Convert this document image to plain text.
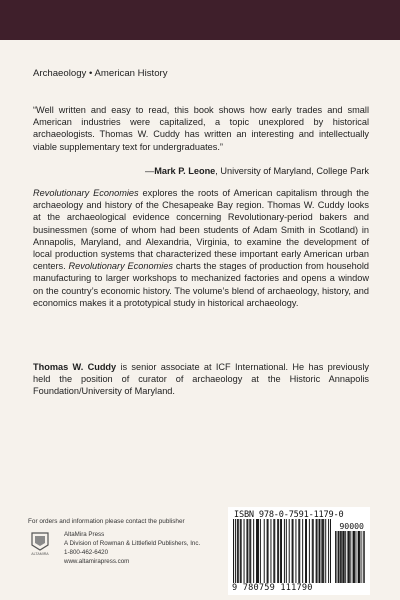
Archaeology • American History
“Well written and easy to read, this book shows how early trades and small American industries were capitalized, a topic unexplored by historical archaeologists. Thomas W. Cuddy has written an interesting and intellectually viable supplementary text for undergraduates.”
—Mark P. Leone, University of Maryland, College Park
Revolutionary Economies explores the roots of American capitalism through the archaeology and history of the Chesapeake Bay region. Thomas W. Cuddy looks at the archaeological evidence concerning Revolutionary-period bakers and businessmen (some of whom had been students of Adam Smith in Scotland) in Annapolis, Maryland, and Alexandria, Virginia, to examine the development of local production systems that characterized these important early American urban centers. Revolutionary Economies charts the stages of production from household manufacturing to larger workshops to mechanized factories and opens a window on the country’s economic history. The volume’s blend of archaeology, history, and economics makes it a prototypical study in historical archaeology.
Thomas W. Cuddy is senior associate at ICF International. He has previously held the position of curator of archaeology at the Historic Annapolis Foundation/University of Maryland.
For orders and information please contact the publisher
ALTAMIRA
AltaMira Press
A Division of Rowman & Littlefield Publishers, Inc.
1-800-462-6420
www.altamirapress.com
ISBN 978-0-7591-1179-0
90000
9 780759 111790
